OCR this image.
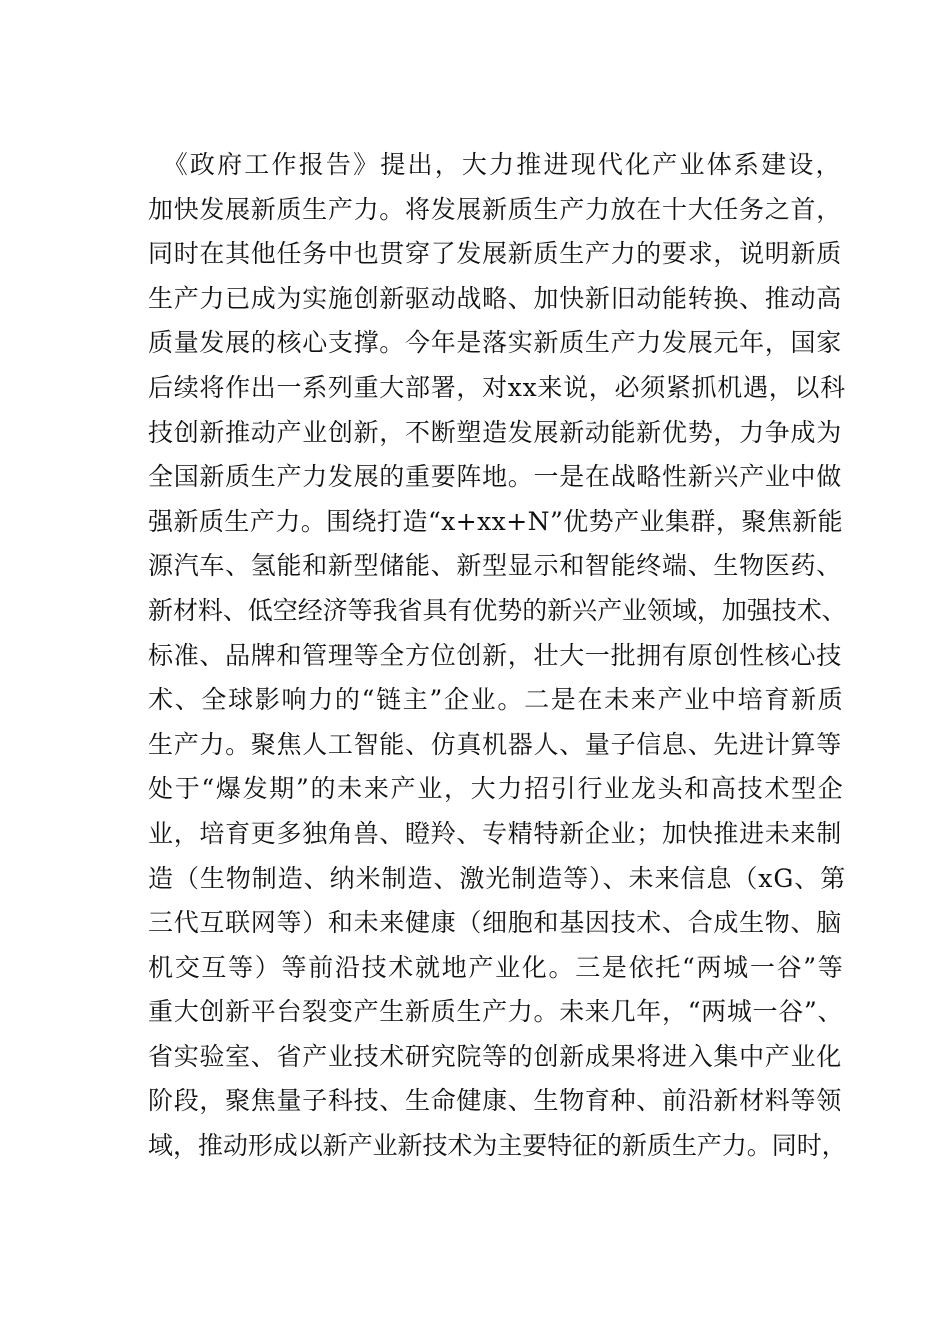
　《政府工作报告》提出，大力推进现代化产业体系建设，
加快发展新质生产力。将发展新质生产力放在十大任务之首，
同时在其他任务中也贯穿了发展新质生产力的要求，说明新质
生产力已成为实施创新驱动战略、加快新旧动能转换、推动高
质量发展的核心支撑。今年是落实新质生产力发展元年，国家
后续将作出一系列重大部署，对xx来说，必须紧抓机遇，以科
技创新推动产业创新，不断塑造发展新动能新优势，力争成为
全国新质生产力发展的重要阵地。一是在战略性新兴产业中做
强新质生产力。围绕打造“x+xx+N”优势产业集群，聚焦新能
源汽车、氢能和新型储能、新型显示和智能终端、生物医药、
新材料、低空经济等我省具有优势的新兴产业领域，加强技术、
标准、品牌和管理等全方位创新，壮大一批拥有原创性核心技
术、全球影响力的“链主”企业。二是在未来产业中培育新质
生产力。聚焦人工智能、仿真机器人、量子信息、先进计算等
处于“爆发期”的未来产业，大力招引行业龙头和高技术型企
业，培育更多独角兽、瞪羚、专精特新企业；加快推进未来制
造（生物制造、纳米制造、激光制造等）、未来信息（xG、第
三代互联网等）和未来健康（细胞和基因技术、合成生物、脑
机交互等）等前沿技术就地产业化。三是依托“两城一谷”等
重大创新平台裂变产生新质生产力。未来几年，“两城一谷”、
省实验室、省产业技术研究院等的创新成果将进入集中产业化
阶段，聚焦量子科技、生命健康、生物育种、前沿新材料等领
域，推动形成以新产业新技术为主要特征的新质生产力。同时，
